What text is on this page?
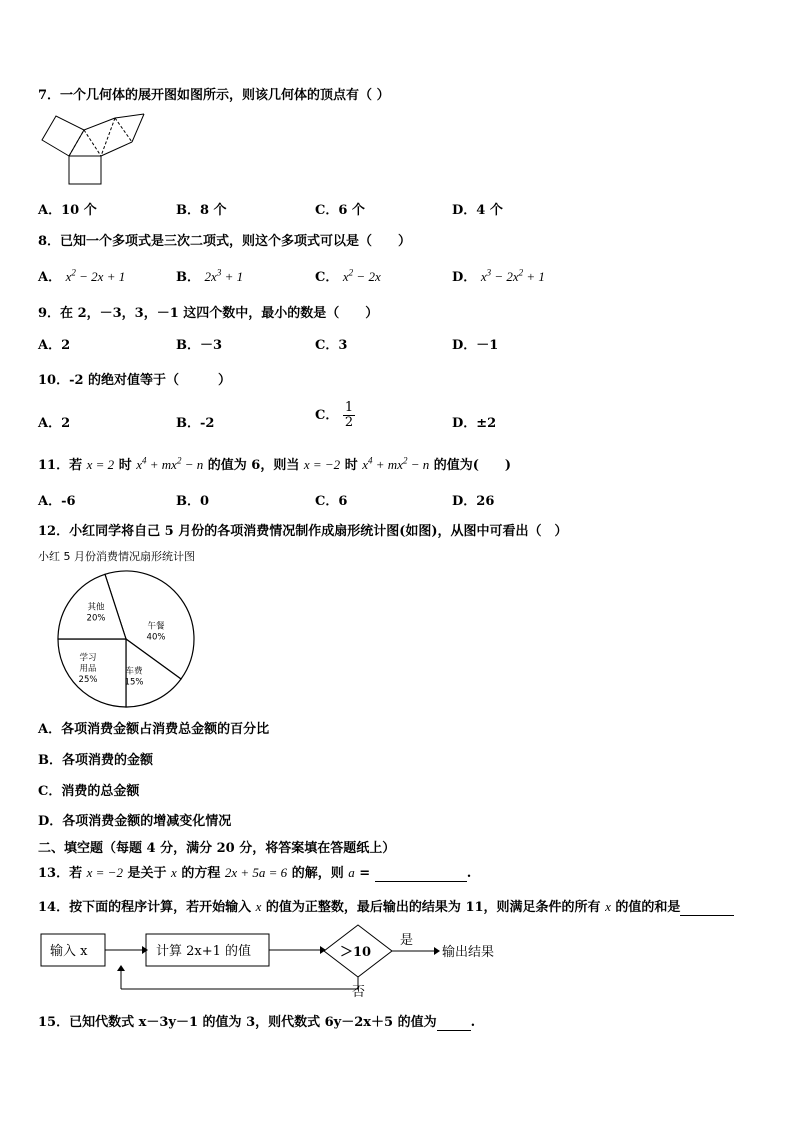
7．一个几何体的展开图如图所示，则该几何体的顶点有（ ）
A．10 个	B．8 个	C．6 个	D．4 个
8．已知一个多项式是三次二项式，则这个多项式可以是（　　）
A． $x^2 - 2x + 1$	B． $2x^3 + 1$	C． $x^2 - 2x$	D． $x^3 - 2x^2 + 1$
9．在 2，－3，3，－1 这四个数中，最小的数是（　　）
A．2	B．－3	C．3	D．－1
10．-2 的绝对值等于（　　　）
A．2	B．-2
C． $\frac{1}{2}$	D．±2
11．若 x = 2 时 $x^4 + mx^2 - n$ 的值为 6，则当 x = −2 时 $x^4 + mx^2 - n$ 的值为(　　)
A．-6	B．0	C．6	D．26
12．小红同学将自己 5 月份的各项消费情况制作成扇形统计图(如图)，从图中可看出（　）
小红 5 月份消费情况扇形统计图
午餐
40%
车费
15%
学习
用品
25%
其他
20%
A．各项消费金额占消费总金额的百分比
B．各项消费的金额
C．消费的总金额
D．各项消费金额的增减变化情况
二、填空题（每题 4 分，满分 20 分，将答案填在答题纸上）
13．若 x = −2 是关于 x 的方程 2x + 5a = 6 的解，则 a =	.
14．按下面的程序计算，若开始输入 x 的值为正整数，最后输出的结果为 11，则满足条件的所有 x 的值的和是
输入 x	计算 2x+1 的值	＞10
是
否
输出结果
15．已知代数式 x－3y－1 的值为 3，则代数式 6y－2x＋5 的值为	.
